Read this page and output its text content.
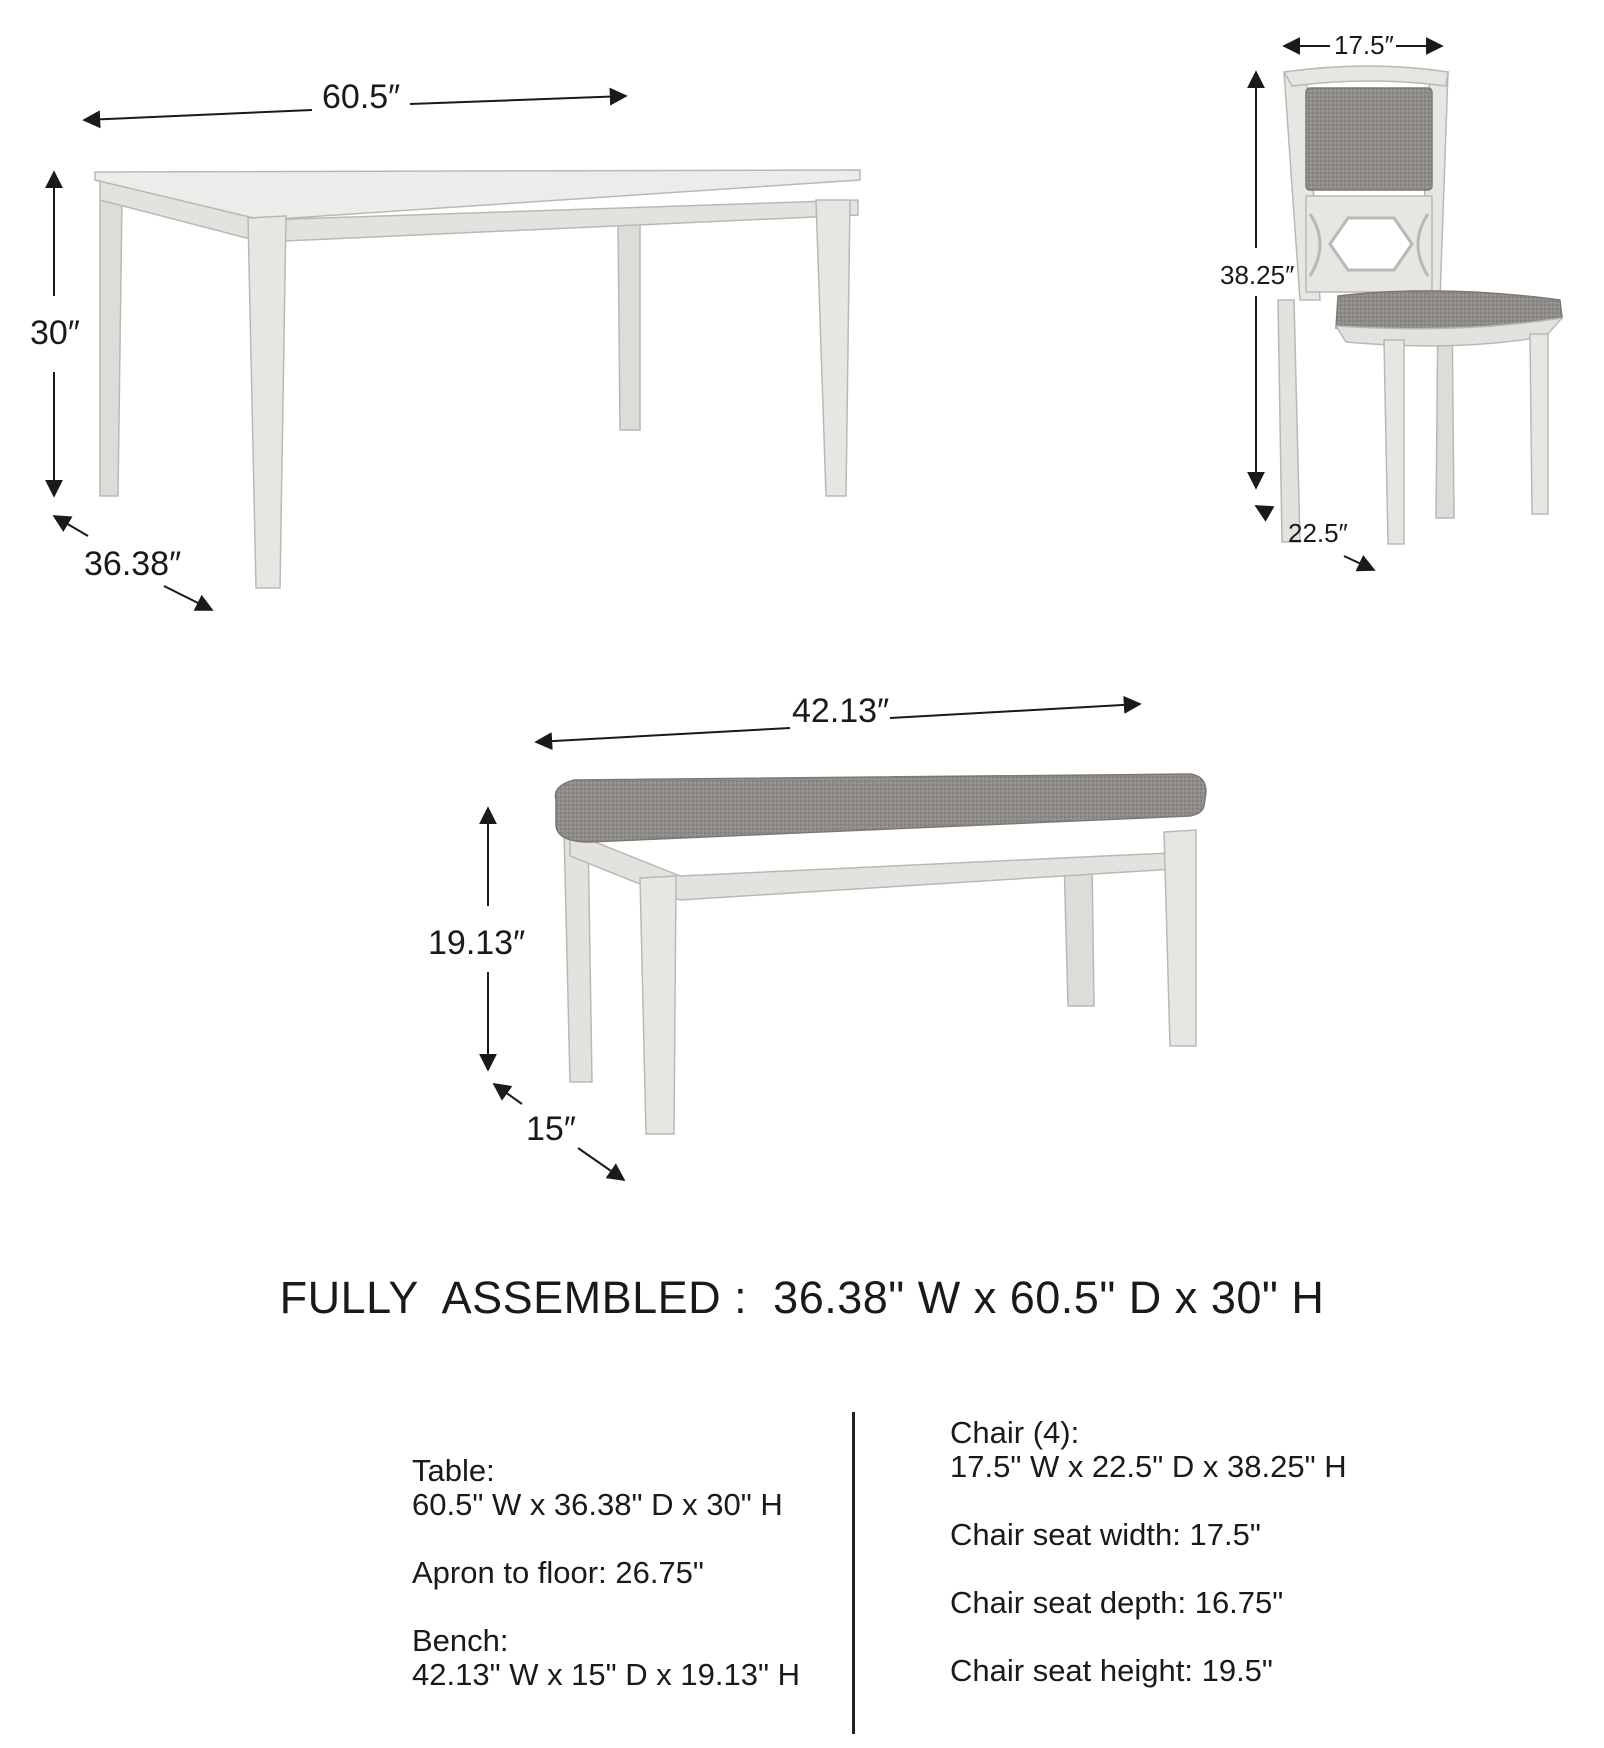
60.5″
30″
36.38″
17.5″
38.25″
22.5″
42.13″
19.13″
15″
FULLY  ASSEMBLED :  36.38" W x 60.5" D x 30" H
Table:
60.5" W x 36.38" D x 30" H
Apron to floor: 26.75"
Bench:
42.13" W x 15" D x 19.13" H
Chair (4):
17.5" W x 22.5" D x 38.25" H
Chair seat width: 17.5"
Chair seat depth: 16.75"
Chair seat height: 19.5"
